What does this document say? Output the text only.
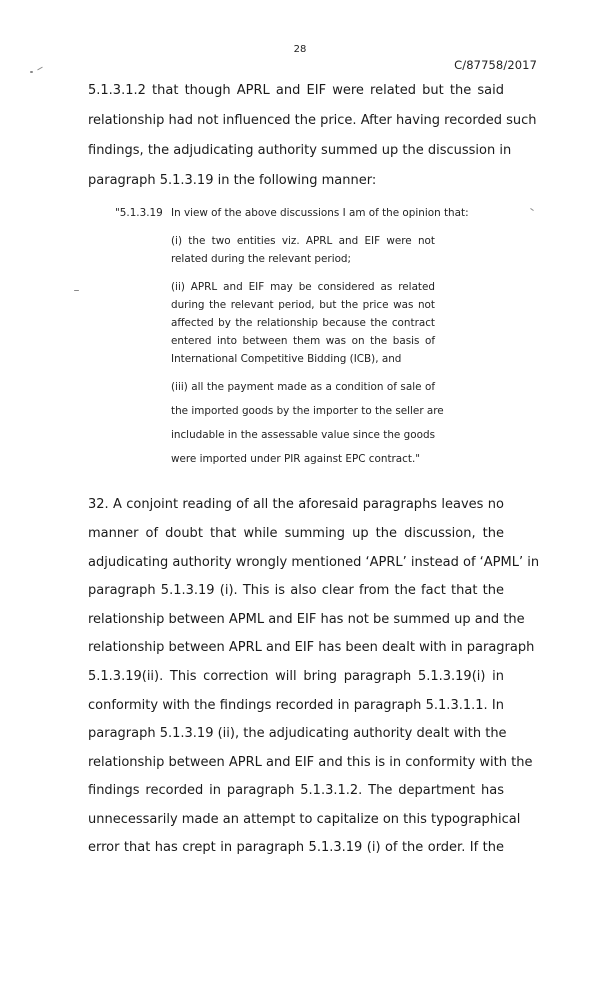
28
C/87758/2017
5.1.3.1.2 that though APRL and EIF were related but the said
relationship had not influenced the price. After having recorded such
findings, the adjudicating authority summed up the discussion in
paragraph 5.1.3.19 in the following manner:
"5.1.3.19 In view of the above discussions I am of the opinion that:
(i) the two entities viz. APRL and EIF were not
related during the relevant period;
(ii) APRL and EIF may be considered as related
during the relevant period, but the price was not
affected by the relationship because the contract
entered into between them was on the basis of
International Competitive Bidding (ICB), and
(iii) all the payment made as a condition of sale of
the imported goods by the importer to the seller are
includable in the assessable value since the goods
were imported under PIR against EPC contract."
32. A conjoint reading of all the aforesaid paragraphs leaves no
manner of doubt that while summing up the discussion, the
adjudicating authority wrongly mentioned ‘APRL’ instead of ‘APML’ in
paragraph 5.1.3.19 (i). This is also clear from the fact that the
relationship between APML and EIF has not be summed up and the
relationship between APRL and EIF has been dealt with in paragraph
5.1.3.19(ii). This correction will bring paragraph 5.1.3.19(i) in
conformity with the findings recorded in paragraph 5.1.3.1.1. In
paragraph 5.1.3.19 (ii), the adjudicating authority dealt with the
relationship between APRL and EIF and this is in conformity with the
findings recorded in paragraph 5.1.3.1.2. The department has
unnecessarily made an attempt to capitalize on this typographical
error that has crept in paragraph 5.1.3.19 (i) of the order. If the
